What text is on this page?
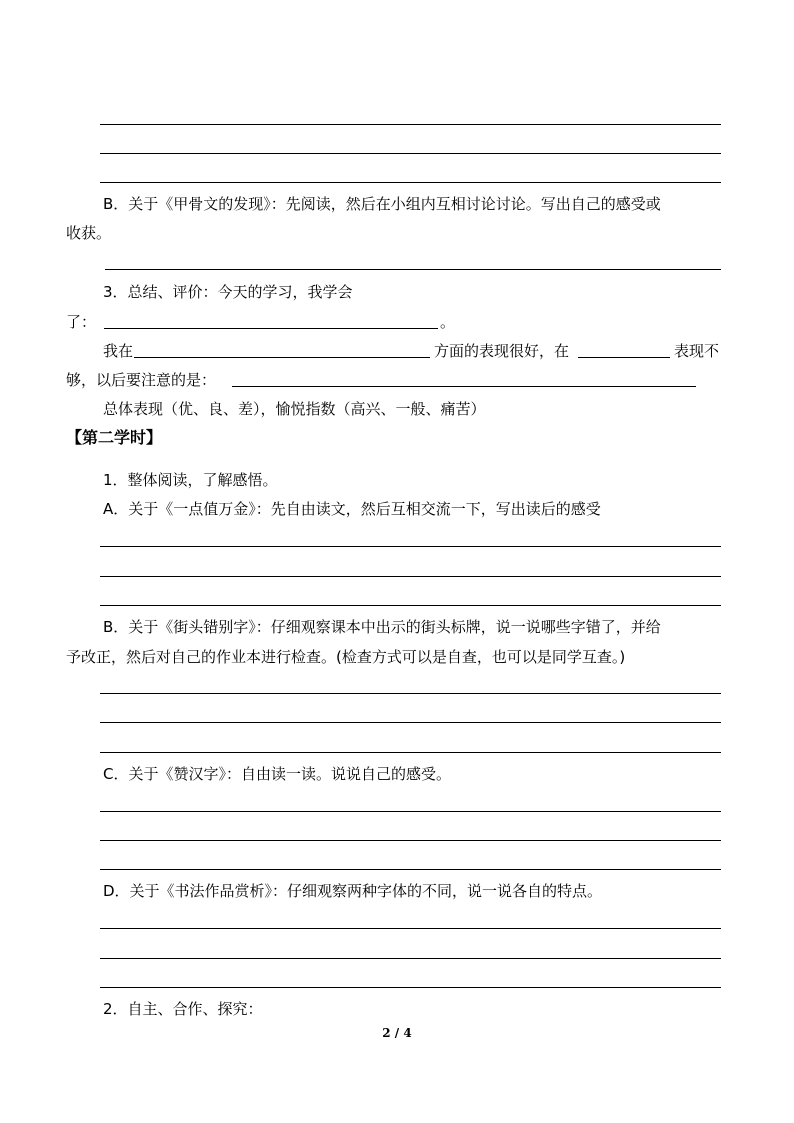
B．关于《甲骨文的发现》：先阅读，然后在小组内互相讨论讨论。写出自己的感受或
收获。
3．总结、评价：今天的学习，我学会
了：	。
我在	方面的表现很好，在	表现不
够，以后要注意的是：
总体表现（优、良、差），愉悦指数（高兴、一般、痛苦）
【第二学时】
1．整体阅读，了解感悟。
A．关于《一点值万金》：先自由读文，然后互相交流一下，写出读后的感受
B．关于《街头错别字》：仔细观察课本中出示的街头标牌，说一说哪些字错了，并给
予改正，然后对自己的作业本进行检查。(检查方式可以是自查，也可以是同学互查。)
C．关于《赞汉字》：自由读一读。说说自己的感受。
D．关于《书法作品赏析》：仔细观察两种字体的不同，说一说各自的特点。
2．自主、合作、探究：
2 / 4
